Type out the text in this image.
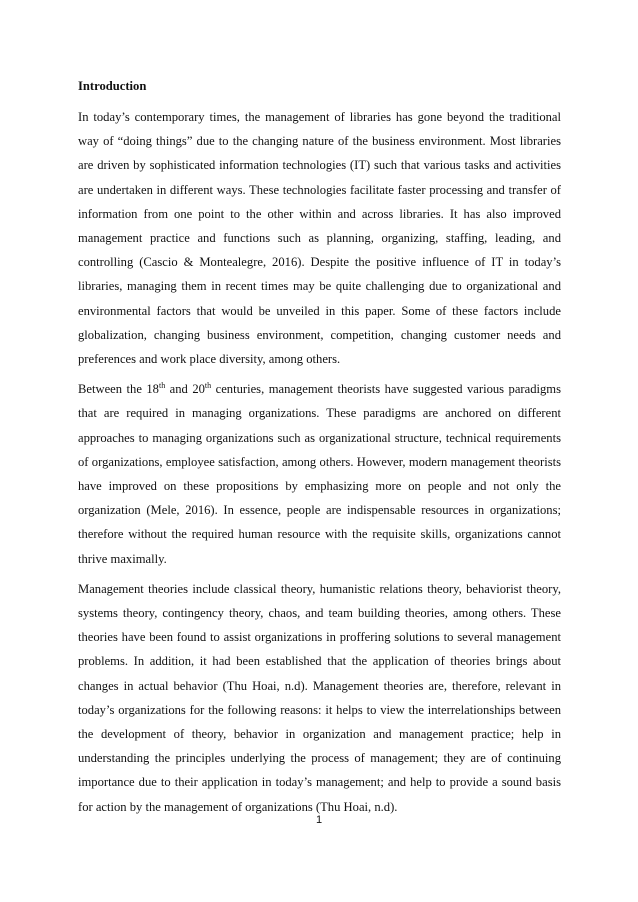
Introduction

In today’s contemporary times, the management of libraries has gone beyond the traditional way of “doing things” due to the changing nature of the business environment. Most libraries are driven by sophisticated information technologies (IT) such that various tasks and activities are undertaken in different ways. These technologies facilitate faster processing and transfer of information from one point to the other within and across libraries. It has also improved management practice and functions such as planning, organizing, staffing, leading, and controlling (Cascio & Montealegre, 2016). Despite the positive influence of IT in today’s libraries, managing them in recent times may be quite challenging due to organizational and environmental factors that would be unveiled in this paper. Some of these factors include globalization, changing business environment, competition, changing customer needs and preferences and work place diversity, among others.

Between the 18th and 20th centuries, management theorists have suggested various paradigms that are required in managing organizations. These paradigms are anchored on different approaches to managing organizations such as organizational structure, technical requirements of organizations, employee satisfaction, among others. However, modern management theorists have improved on these propositions by emphasizing more on people and not only the organization (Mele, 2016). In essence, people are indispensable resources in organizations; therefore without the required human resource with the requisite skills, organizations cannot thrive maximally.

Management theories include classical theory, humanistic relations theory, behaviorist theory, systems theory, contingency theory, chaos, and team building theories, among others. These theories have been found to assist organizations in proffering solutions to several management problems. In addition, it had been established that the application of theories brings about changes in actual behavior (Thu Hoai, n.d). Management theories are, therefore, relevant in today’s organizations for the following reasons: it helps to view the interrelationships between the development of theory, behavior in organization and management practice; help in understanding the principles underlying the process of management; they are of continuing importance due to their application in today’s management; and help to provide a sound basis for action by the management of organizations (Thu Hoai, n.d).

1
